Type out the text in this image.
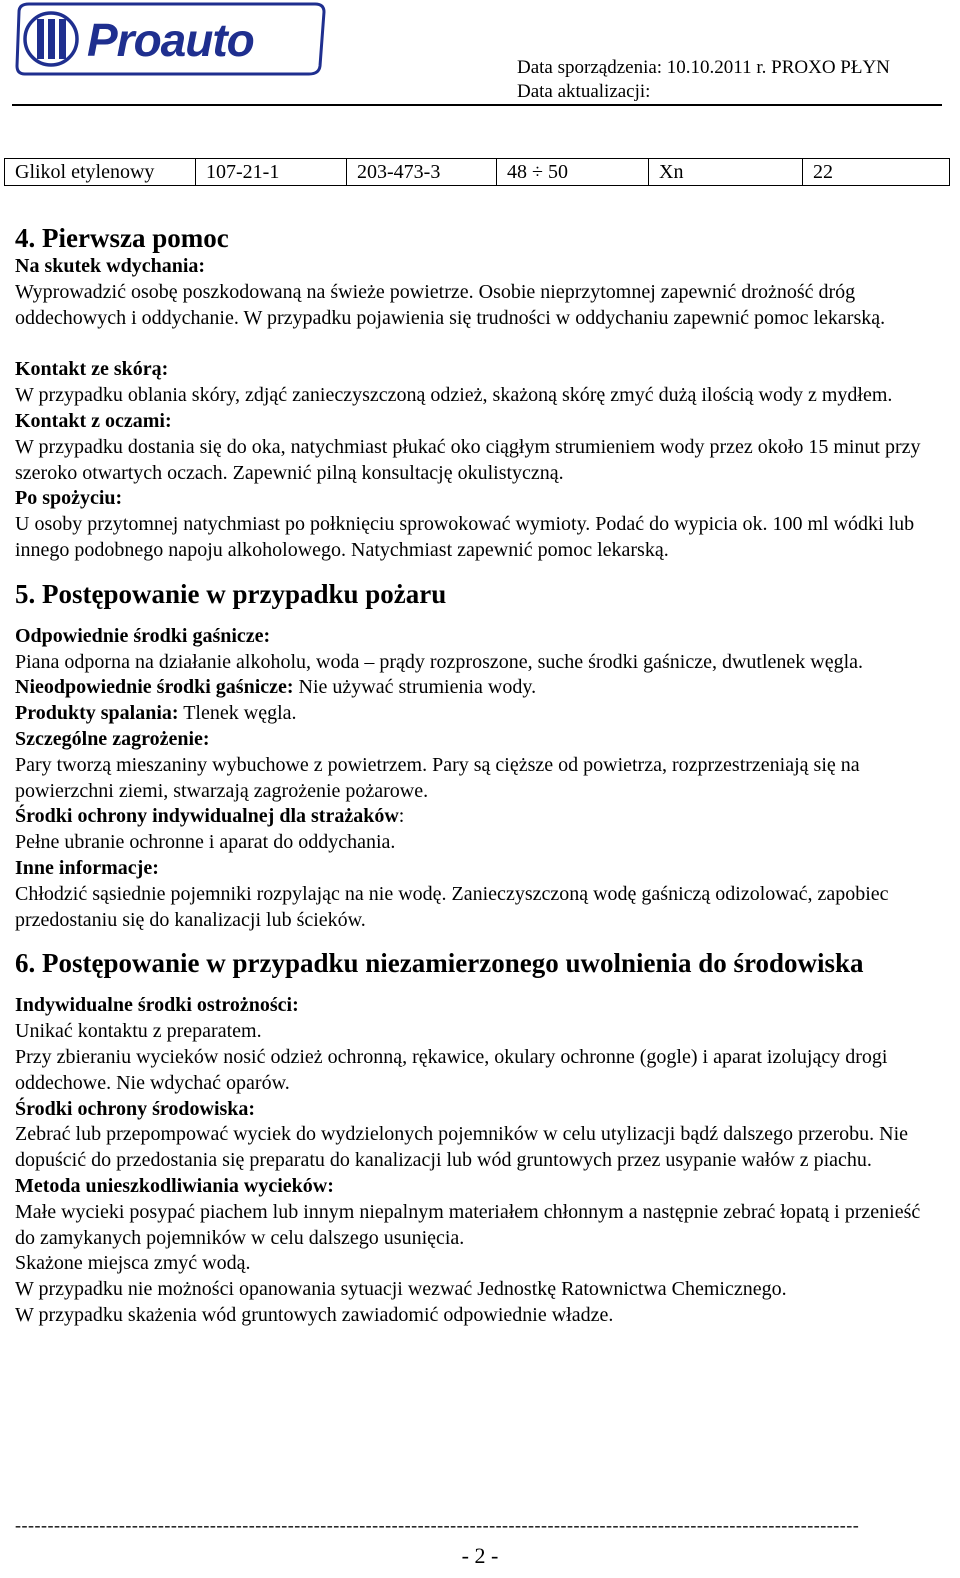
Proauto
Data sporządzenia: 10.10.2011 r. PROXO PŁYN
Data aktualizacji:
Glikol etylenowy	107-21-1	203-473-3	48 ÷ 50	Xn	22

4. Pierwsza pomoc

Na skutek wdychania:

Wyprowadzić osobę poszkodowaną na świeże powietrze. Osobie nieprzytomnej zapewnić drożność dróg oddechowych i oddychanie. W przypadku pojawienia się trudności w oddychaniu zapewnić pomoc lekarską.

Kontakt ze skórą:

W przypadku oblania skóry, zdjąć zanieczyszczoną odzież, skażoną skórę zmyć dużą ilością wody z mydłem.

Kontakt z oczami:

W przypadku dostania się do oka, natychmiast płukać oko ciągłym strumieniem wody przez około 15 minut przy szeroko otwartych oczach. Zapewnić pilną konsultację okulistyczną.

Po spożyciu:

U osoby przytomnej natychmiast po połknięciu sprowokować wymioty. Podać do wypicia ok. 100 ml wódki lub innego podobnego napoju alkoholowego. Natychmiast zapewnić pomoc lekarską.

5. Postępowanie w przypadku pożaru

Odpowiednie środki gaśnicze:

Piana odporna na działanie alkoholu, woda – prądy rozproszone, suche środki gaśnicze, dwutlenek węgla.

Nieodpowiednie środki gaśnicze: Nie używać strumienia wody.

Produkty spalania: Tlenek węgla.

Szczególne zagrożenie:

Pary tworzą mieszaniny wybuchowe z powietrzem. Pary są cięższe od powietrza, rozprzestrzeniają się na powierzchni ziemi, stwarzają zagrożenie pożarowe.

Środki ochrony indywidualnej dla strażaków:

Pełne ubranie ochronne i aparat do oddychania.

Inne informacje:

Chłodzić sąsiednie pojemniki rozpylając na nie wodę. Zanieczyszczoną wodę gaśniczą odizolować, zapobiec przedostaniu się do kanalizacji lub ścieków.

6. Postępowanie w przypadku niezamierzonego uwolnienia do środowiska

Indywidualne środki ostrożności:

Unikać kontaktu z preparatem.

Przy zbieraniu wycieków nosić odzież ochronną, rękawice, okulary ochronne (gogle) i aparat izolujący drogi oddechowe. Nie wdychać oparów.

Środki ochrony środowiska:

Zebrać lub przepompować wyciek do wydzielonych pojemników w celu utylizacji bądź dalszego przerobu. Nie dopuścić do przedostania się preparatu do kanalizacji lub wód gruntowych przez usypanie wałów z piachu.

Metoda unieszkodliwiania wycieków:

Małe wycieki posypać piachem lub innym niepalnym materiałem chłonnym a następnie zebrać łopatą i przenieść do zamykanych pojemników w celu dalszego usunięcia.

Skażone miejsca zmyć wodą.

W przypadku nie możności opanowania sytuacji wezwać Jednostkę Ratownictwa Chemicznego.

W przypadku skażenia wód gruntowych zawiadomić odpowiednie władze.

----------------------------------------------------------------------------------------------------------------------------------
- 2 -
